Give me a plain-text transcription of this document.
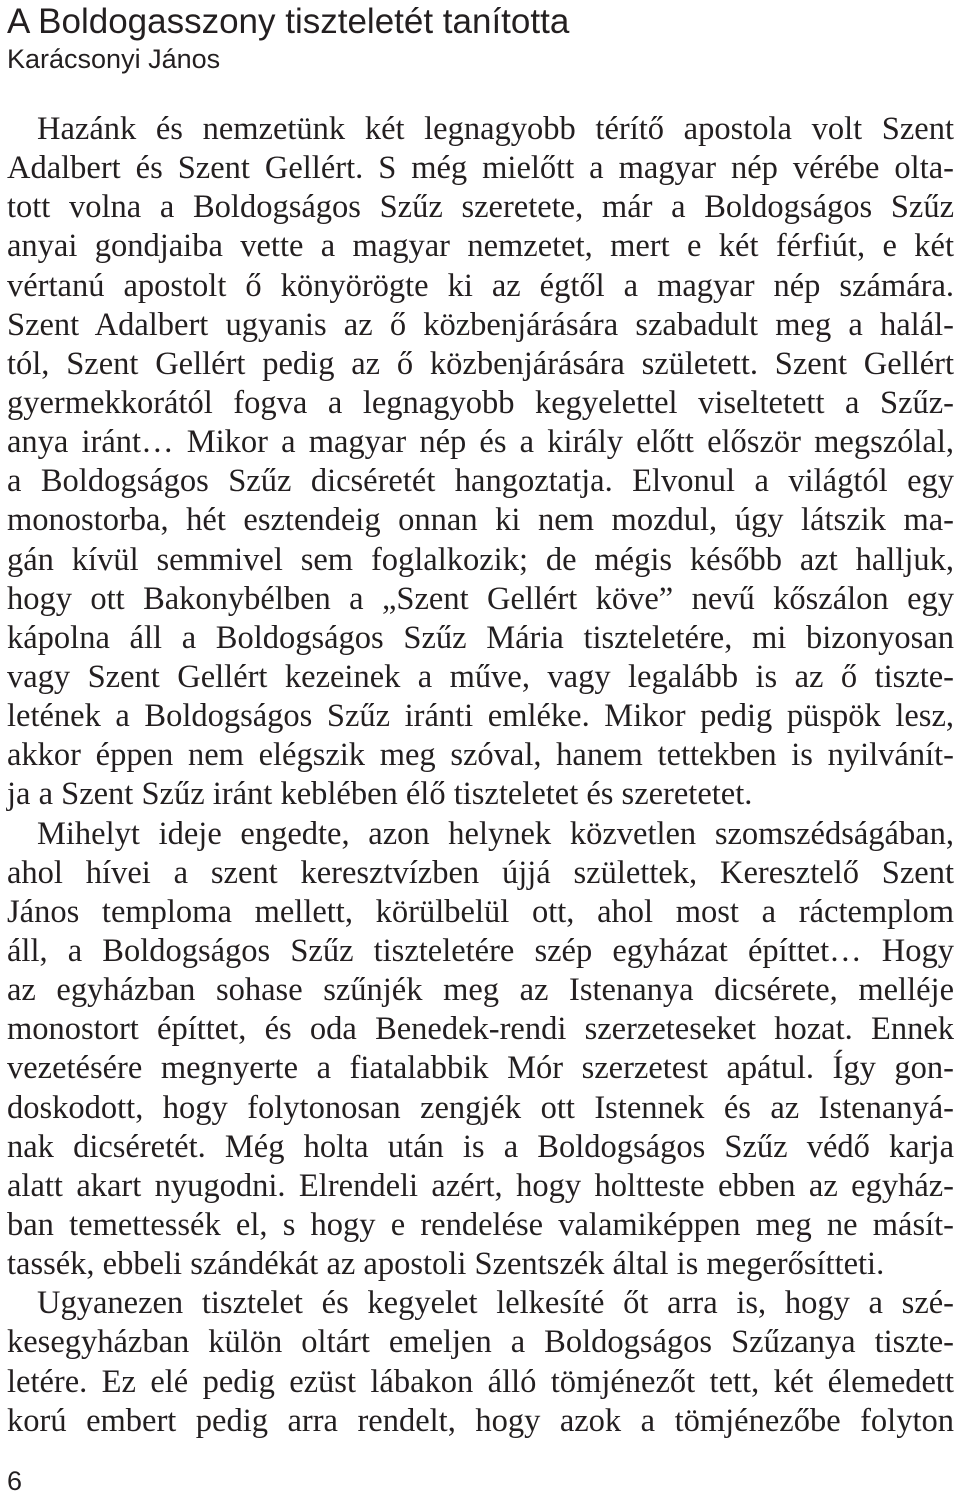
A Boldogasszony tiszteletét tanította
Karácsonyi János
Hazánk és nemzetünk két legnagyobb térítő apostola volt Szent
Adalbert és Szent Gellért. S még mielőtt a magyar nép vérébe olta-
tott volna a Boldogságos Szűz szeretete, már a Boldogságos Szűz
anyai gondjaiba vette a magyar nemzetet, mert e két férfiút, e két
vértanú apostolt ő könyörögte ki az égtől a magyar nép számára.
Szent Adalbert ugyanis az ő közbenjárására szabadult meg a halál-
tól, Szent Gellért pedig az ő közbenjárására született. Szent Gellért
gyermekkorától fogva a legnagyobb kegyelettel viseltetett a Szűz-
anya iránt… Mikor a magyar nép és a király előtt először megszólal,
a Boldogságos Szűz dicséretét hangoztatja. Elvonul a világtól egy
monostorba, hét esztendeig onnan ki nem mozdul, úgy látszik ma-
gán kívül semmivel sem foglalkozik; de mégis később azt halljuk,
hogy ott Bakonybélben a „Szent Gellért köve” nevű kőszálon egy
kápolna áll a Boldogságos Szűz Mária tiszteletére, mi bizonyosan
vagy Szent Gellért kezeinek a műve, vagy legalább is az ő tiszte-
letének a Boldogságos Szűz iránti emléke. Mikor pedig püspök lesz,
akkor éppen nem elégszik meg szóval, hanem tettekben is nyilvánít-
ja a Szent Szűz iránt keblében élő tiszteletet és szeretetet.
Mihelyt ideje engedte, azon helynek közvetlen szomszédságában,
ahol hívei a szent keresztvízben újjá születtek, Keresztelő Szent
János temploma mellett, körülbelül ott, ahol most a ráctemplom
áll, a Boldogságos Szűz tiszteletére szép egyházat építtet… Hogy
az egyházban sohase szűnjék meg az Istenanya dicsérete, melléje
monostort építtet, és oda Benedek-rendi szerzeteseket hozat. Ennek
vezetésére megnyerte a fiatalabbik Mór szerzetest apátul. Így gon-
doskodott, hogy folytonosan zengjék ott Istennek és az Istenanyá-
nak dicséretét. Még holta után is a Boldogságos Szűz védő karja
alatt akart nyugodni. Elrendeli azért, hogy holtteste ebben az egyház-
ban temettessék el, s hogy e rendelése valamiképpen meg ne másít-
tassék, ebbeli szándékát az apostoli Szentszék által is megerősítteti.
Ugyanezen tisztelet és kegyelet lelkesíté őt arra is, hogy a szé-
kesegyházban külön oltárt emeljen a Boldogságos Szűzanya tiszte-
letére. Ez elé pedig ezüst lábakon álló tömjénezőt tett, két élemedett
korú embert pedig arra rendelt, hogy azok a tömjénezőbe folyton
6
